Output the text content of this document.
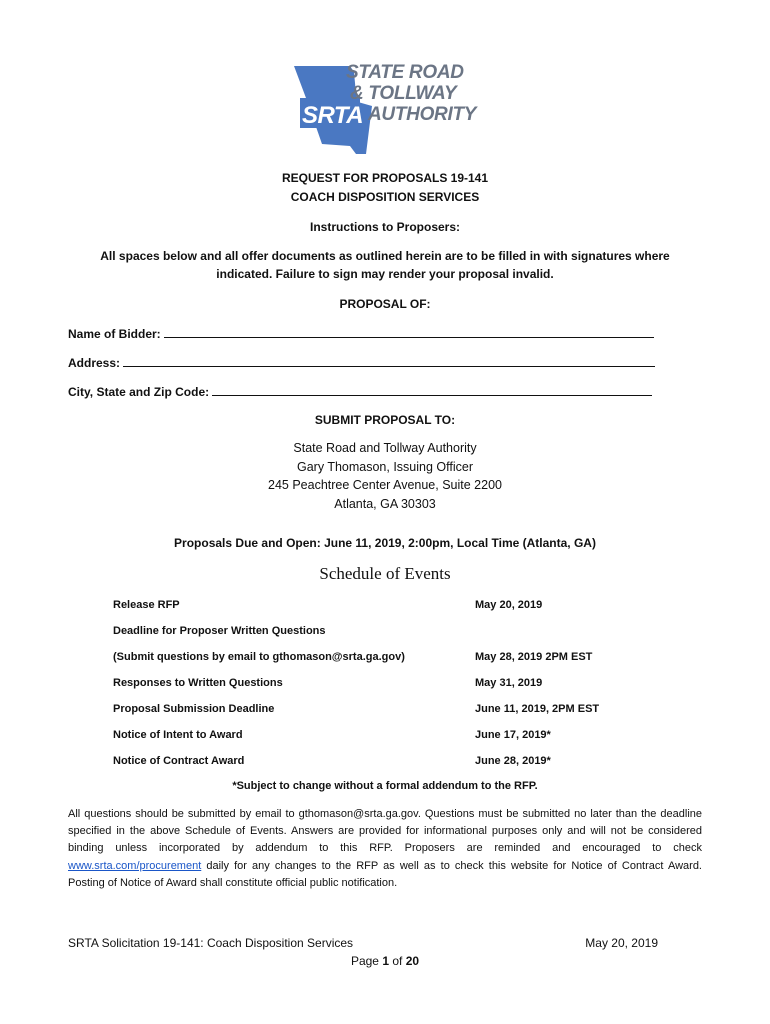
SRTA
STATE ROAD
& TOLLWAY
AUTHORITY
REQUEST FOR PROPOSALS 19-141
COACH DISPOSITION SERVICES
Instructions to Proposers:
All spaces below and all offer documents as outlined herein are to be filled in with signatures where
indicated. Failure to sign may render your proposal invalid.
PROPOSAL OF:
Name of Bidder:
Address:
City, State and Zip Code:
SUBMIT PROPOSAL TO:
State Road and Tollway Authority
Gary Thomason, Issuing Officer
245 Peachtree Center Avenue, Suite 2200
Atlanta, GA 30303
Proposals Due and Open: June 11, 2019, 2:00pm, Local Time (Atlanta, GA)
Schedule of Events
Release RFP	May 20, 2019
Deadline for Proposer Written Questions
(Submit questions by email to gthomason@srta.ga.gov)	May 28, 2019 2PM EST
Responses to Written Questions	May 31, 2019
Proposal Submission Deadline	June 11, 2019, 2PM EST
Notice of Intent to Award	June 17, 2019*
Notice of Contract Award	June 28, 2019*
*Subject to change without a formal addendum to the RFP.
All questions should be submitted by email to gthomason@srta.ga.gov. Questions must be submitted no later than the deadline specified in the above Schedule of Events. Answers are provided for informational purposes only and will not be considered binding unless incorporated by addendum to this RFP. Proposers are reminded and encouraged to check www.srta.com/procurement daily for any changes to the RFP as well as to check this website for Notice of Contract Award. Posting of Notice of Award shall constitute official public notification.
SRTA Solicitation 19-141: Coach Disposition Services	May 20, 2019
Page 1 of 20
